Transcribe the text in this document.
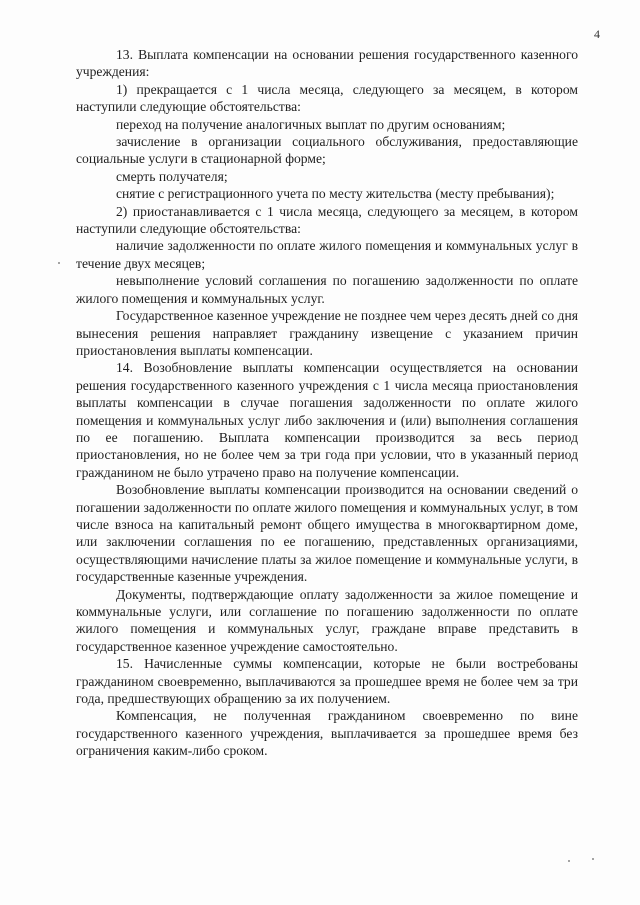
4

13. Выплата компенсации на основании решения государственного казенного учреждения:

1) прекращается с 1 числа месяца, следующего за месяцем, в котором наступили следующие обстоятельства:

переход на получение аналогичных выплат по другим основаниям;

зачисление в организации социального обслуживания, предоставляющие социальные услуги в стационарной форме;

смерть получателя;

снятие с регистрационного учета по месту жительства (месту пребывания);

2) приостанавливается с 1 числа месяца, следующего за месяцем, в котором наступили следующие обстоятельства:

наличие задолженности по оплате жилого помещения и коммунальных услуг в течение двух месяцев;

невыполнение условий соглашения по погашению задолженности по оплате жилого помещения и коммунальных услуг.

Государственное казенное учреждение не позднее чем через десять дней со дня вынесения решения направляет гражданину извещение с указанием причин приостановления выплаты компенсации.

14. Возобновление выплаты компенсации осуществляется на основании решения государственного казенного учреждения с 1 числа месяца приостановления выплаты компенсации в случае погашения задолженности по оплате жилого помещения и коммунальных услуг либо заключения и (или) выполнения соглашения по ее погашению. Выплата компенсации производится за весь период приостановления, но не более чем за три года при условии, что в указанный период гражданином не было утрачено право на получение компенсации.

Возобновление выплаты компенсации производится на основании сведений о погашении задолженности по оплате жилого помещения и коммунальных услуг, в том числе взноса на капитальный ремонт общего имущества в многоквартирном доме, или заключении соглашения по ее погашению, представленных организациями, осуществляющими начисление платы за жилое помещение и коммунальные услуги, в государственные казенные учреждения.

Документы, подтверждающие оплату задолженности за жилое помещение и коммунальные услуги, или соглашение по погашению задолженности по оплате жилого помещения и коммунальных услуг, граждане вправе представить в государственное казенное учреждение самостоятельно.

15. Начисленные суммы компенсации, которые не были востребованы гражданином своевременно, выплачиваются за прошедшее время не более чем за три года, предшествующих обращению за их получением.

Компенсация, не полученная гражданином своевременно по вине государственного казенного учреждения, выплачивается за прошедшее время без ограничения каким-либо сроком.
